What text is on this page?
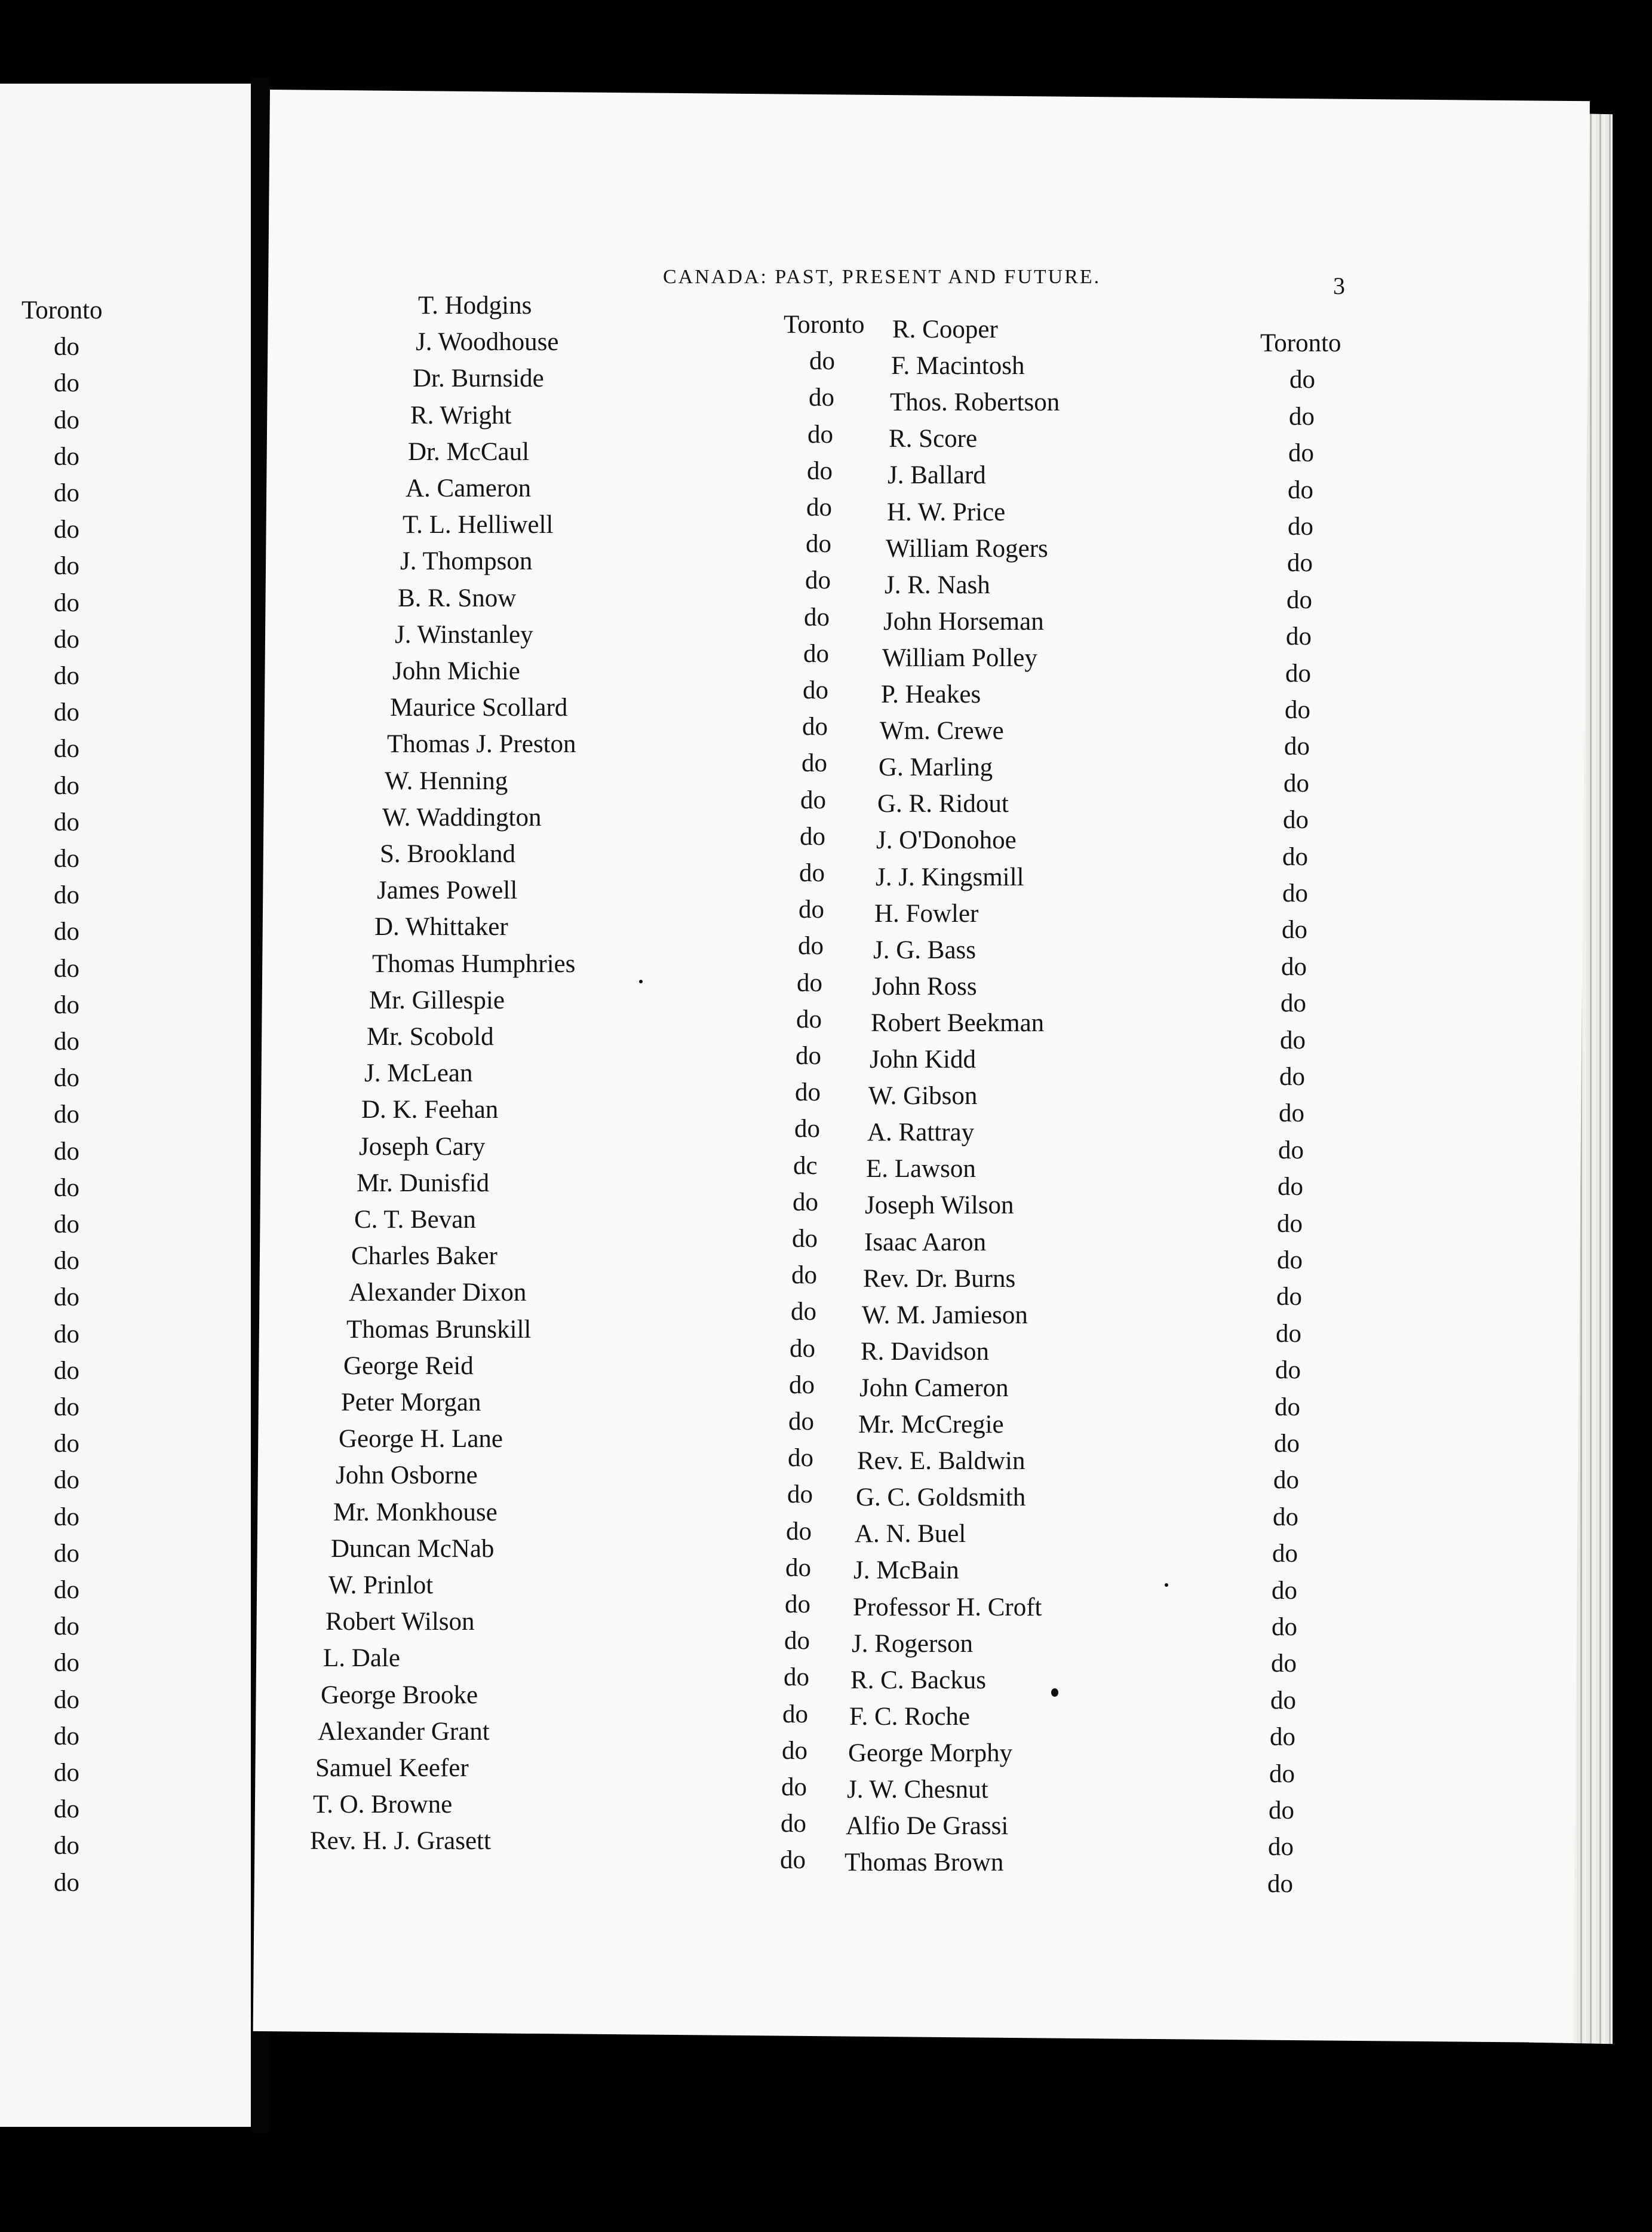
CANADA: PAST, PRESENT AND FUTURE.	3
Toronto
do
do
do
do
do
do
do
do
do
do
do
do
do
do
do
do
do
do
do
do
do
do
do
do
do
do
do
do
do
do
do
do
do
do
do
do
do
do
do
do
do
do
do
T. Hodgins
J. Woodhouse
Dr. Burnside
R. Wright
Dr. McCaul
A. Cameron
T. L. Helliwell
J. Thompson
B. R. Snow
J. Winstanley
John Michie
Maurice Scollard
Thomas J. Preston
W. Henning
W. Waddington
S. Brookland
James Powell
D. Whittaker
Thomas Humphries
Mr. Gillespie
Mr. Scobold
J. McLean
D. K. Feehan
Joseph Cary
Mr. Dunisfid
C. T. Bevan
Charles Baker
Alexander Dixon
Thomas Brunskill
George Reid
Peter Morgan
George H. Lane
John Osborne
Mr. Monkhouse
Duncan McNab
W. Prinlot
Robert Wilson
L. Dale
George Brooke
Alexander Grant
Samuel Keefer
T. O. Browne
Rev. H. J. Grasett
Toronto
do
do
do
do
do
do
do
do
do
do
do
do
do
do
do
do
do
do
do
do
do
do
dc
do
do
do
do
do
do
do
do
do
do
do
do
do
do
do
do
do
do
do
R. Cooper
F. Macintosh
Thos. Robertson
R. Score
J. Ballard
H. W. Price
William Rogers
J. R. Nash
John Horseman
William Polley
P. Heakes
Wm. Crewe
G. Marling
G. R. Ridout
J. O'Donohoe
J. J. Kingsmill
H. Fowler
J. G. Bass
John Ross
Robert Beekman
John Kidd
W. Gibson
A. Rattray
E. Lawson
Joseph Wilson
Isaac Aaron
Rev. Dr. Burns
W. M. Jamieson
R. Davidson
John Cameron
Mr. McCregie
Rev. E. Baldwin
G. C. Goldsmith
A. N. Buel
J. McBain
Professor H. Croft
J. Rogerson
R. C. Backus
F. C. Roche
George Morphy
J. W. Chesnut
Alfio De Grassi
Thomas Brown
Toronto
do
do
do
do
do
do
do
do
do
do
do
do
do
do
do
do
do
do
do
do
do
do
do
do
do
do
do
do
do
do
do
do
do
do
do
do
do
do
do
do
do
do
